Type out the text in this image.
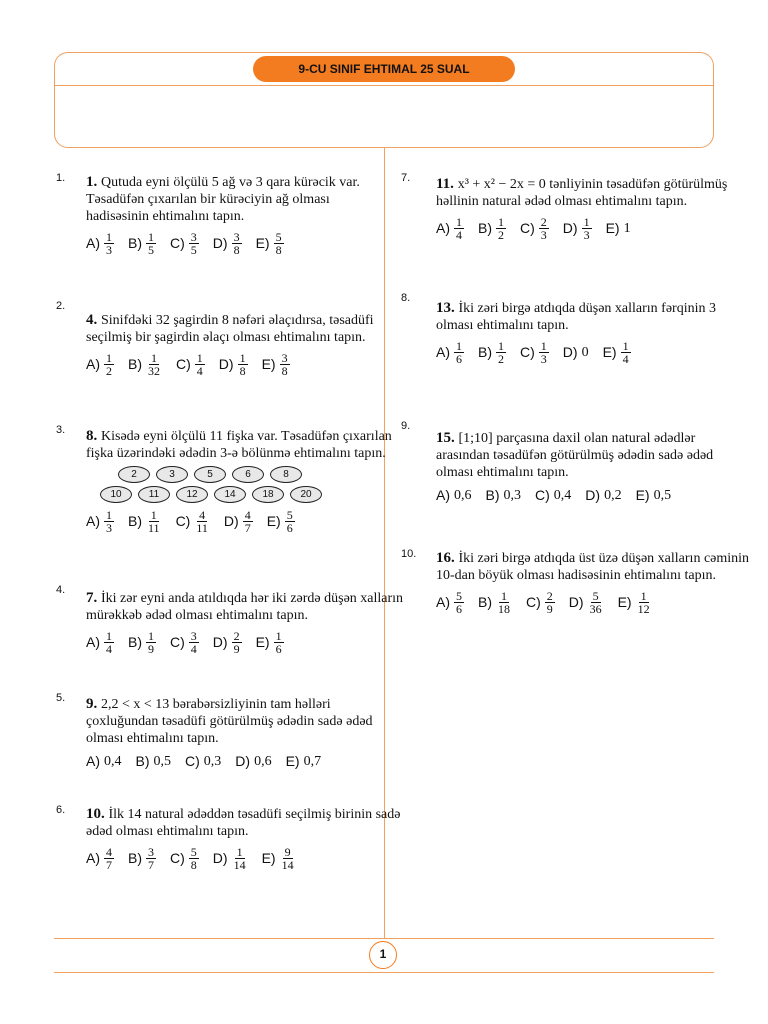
9-CU SINIF EHTIMAL 25 SUAL
1
1. 1. Qutuda eyni ölçülü 5 ağ və 3 qara kürəcik var.
Təsadüfən çıxarılan bir kürəciyin ağ olması
hadisəsinin ehtimalını tapın.
$A) \frac{1}{3} B) \frac{1}{5} C) \frac{3}{5} D) \frac{3}{8} E) \frac{5}{8}$
2.
4. Sinifdəki 32 şagirdin 8 nəfəri əlaçıdırsa, təsadüfi
seçilmiş bir şagirdin əlaçı olması ehtimalını tapın.
$A) \frac{1}{2} B) \frac{1}{32} C) \frac{1}{4} D) \frac{1}{8} E) \frac{3}{8}$
3. 8. Kisədə eyni ölçülü 11 fişka var. Təsadüfən çıxarılan
fişka üzərindəki ədədin 3-ə bölünmə ehtimalını tapın.
2	3	5	6	8
10	11	12	14	18	20
$A) \frac{1}{3} B) \frac{1}{11} C) \frac{4}{11} D) \frac{4}{7} E) \frac{5}{6}$
4. 7. İki zər eyni anda atıldıqda hər iki zərdə düşən xalların
mürəkkəb ədəd olması ehtimalını tapın.
$A) \frac{1}{4} B) \frac{1}{9} C) \frac{3}{4} D) \frac{2}{9} E) \frac{1}{6}$
5. 9. 2,2 < x < 13 bərabərsizliyinin tam həlləri
çoxluğundan təsadüfi götürülmüş ədədin sadə ədəd
olması ehtimalını tapın.
A) 0,4 B) 0,5 C) 0,3 D) 0,6 E) 0,7
6. 10. İlk 14 natural ədəddən təsadüfi seçilmiş birinin sadə
ədəd olması ehtimalını tapın.
$A) \frac{4}{7} B) \frac{3}{7} C) \frac{5}{8} D) \frac{1}{14} E) \frac{9}{14}$
7. 11. x³ + x² − 2x = 0 tənliyinin təsadüfən götürülmüş
həllinin natural ədəd olması ehtimalını tapın.
$A) \frac{1}{4} B) \frac{1}{2} C) \frac{2}{3} D) \frac{1}{3} E$) 1
8.
13. İki zəri birgə atdıqda düşən xalların fərqinin 3
olması ehtimalını tapın.
$A) \frac{1}{6} B) \frac{1}{2} C) \frac{1}{3} D$) 0 $E) \frac{1}{4}$
9.
15. [1;10] parçasına daxil olan natural ədədlər
arasından təsadüfən götürülmüş ədədin sadə ədəd
olması ehtimalını tapın.
A) 0,6 B) 0,3 C) 0,4 D) 0,2 E) 0,5
10. 16. İki zəri birgə atdıqda üst üzə düşən xalların cəminin
10-dan böyük olması hadisəsinin ehtimalını tapın.
$A) \frac{5}{6} B) \frac{1}{18} C) \frac{2}{9} D) \frac{5}{36} E) \frac{1}{12}$
